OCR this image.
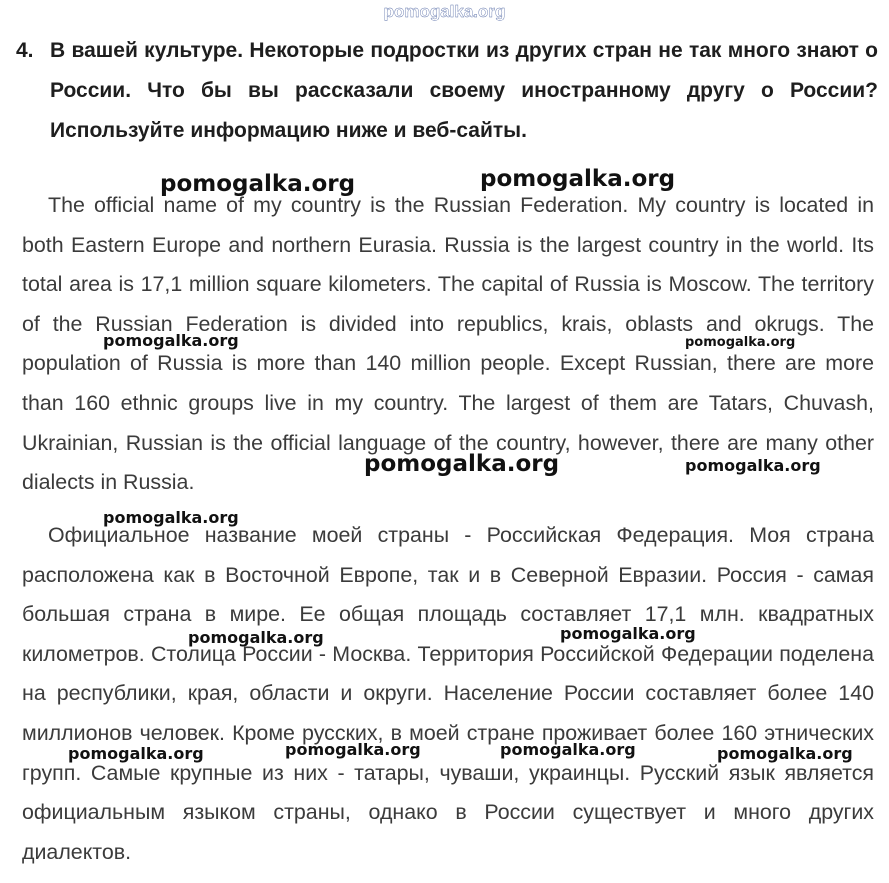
pomogalka.org
4. В вашей культуре. Некоторые подростки из других стран не так много знают о России. Что бы вы рассказали своему иностранному другу о России? Используйте информацию ниже и веб-сайты.
The official name of my country is the Russian Federation. My country is located in both Eastern Europe and northern Eurasia. Russia is the largest country in the world. Its total area is 17,1 million square kilometers. The capital of Russia is Moscow. The territory of the Russian Federation is divided into republics, krais, oblasts and okrugs. The population of Russia is more than 140 million people. Except Russian, there are more than 160 ethnic groups live in my country. The largest of them are Tatars, Chuvash, Ukrainian, Russian is the official language of the country, however, there are many other dialects in Russia.
Официальное название моей страны - Российская Федерация. Моя страна расположена как в Восточной Европе, так и в Северной Евразии. Россия - самая большая страна в мире. Ее общая площадь составляет 17,1 млн. квадратных километров. Столица России - Москва. Территория Российской Федерации поделена на республики, края, области и округи. Население России составляет более 140 миллионов человек. Кроме русских, в моей стране проживает более 160 этнических групп. Самые крупные из них - татары, чуваши, украинцы. Русский язык является официальным языком страны, однако в России существует и много других диалектов.
pomogalka.org	pomogalka.org
pomogalka.org	pomogalka.org
pomogalka.org	pomogalka.org
pomogalka.org
pomogalka.org	pomogalka.org
pomogalka.org	pomogalka.org	pomogalka.org	pomogalka.org
